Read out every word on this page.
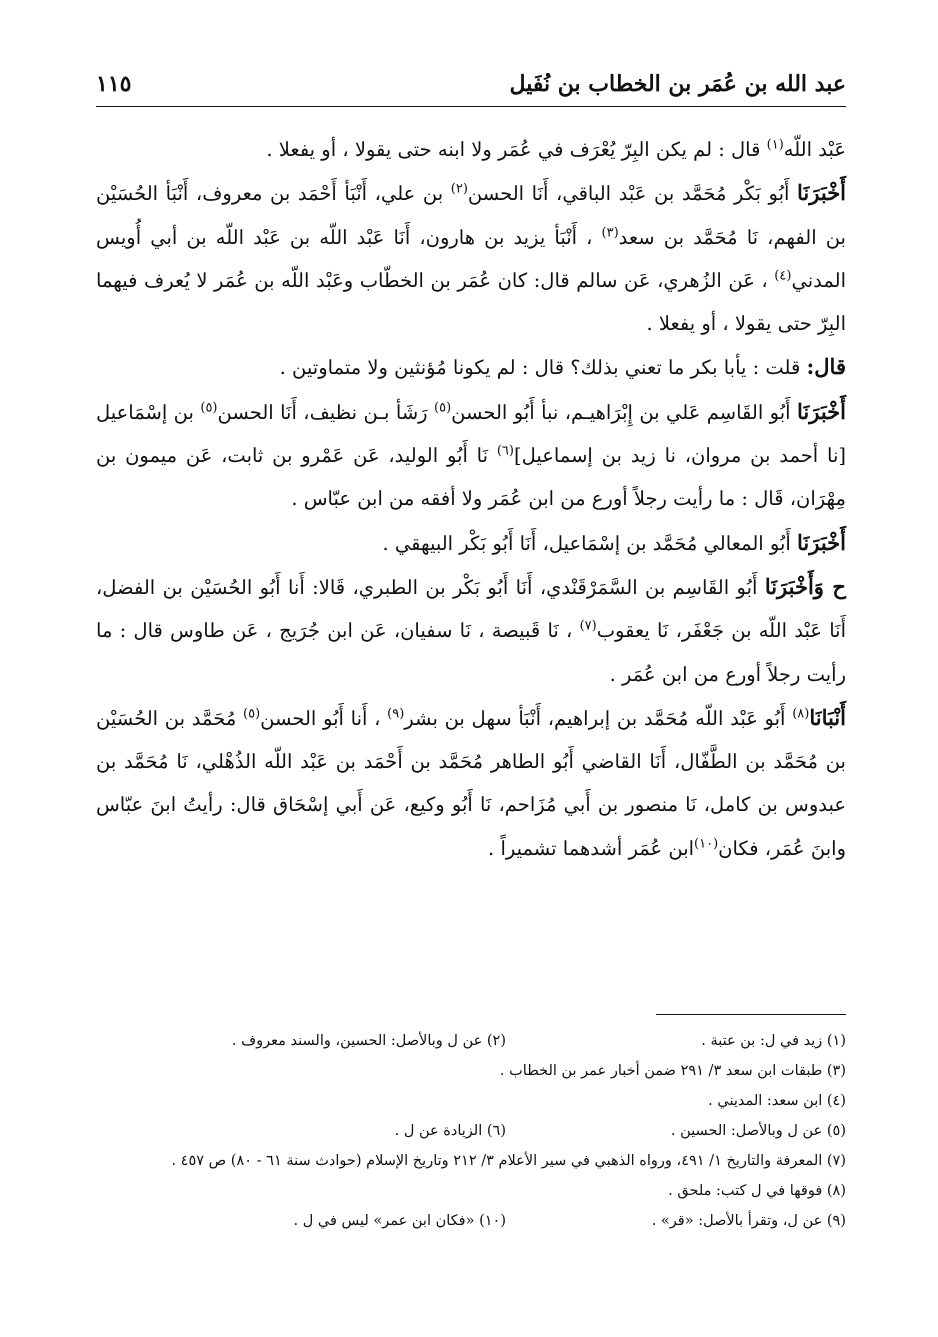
عبد الله بن عُمَر بن الخطاب بن نُفَيل
١١٥

عَبْد اللّه$^{(١)}$ قال : لم يكن البِرّ يُعْرَف في عُمَر ولا ابنه حتى يقولا ، أو يفعلا .

أَخْبَرَنَا أَبُو بَكْر مُحَمَّد بن عَبْد الباقي، أَنَا الحسن$^{(٢)}$ بن علي، أَنْبَأ أَحْمَد بن معروف، أَنْبَأ الحُسَيْن بن الفهم، نَا مُحَمَّد بن سعد$^{(٣)}$ ، أَنْبَأ يزيد بن هارون، أَنَا عَبْد اللّه بن عَبْد اللّه بن أبي أُويس المدني$^{(٤)}$ ، عَن الزُهري، عَن سالم قال: كان عُمَر بن الخطّاب وعَبْد اللّه بن عُمَر لا يُعرف فيهما البِرّ حتى يقولا ، أو يفعلا .

قال: قلت : يأبا بكر ما تعني بذلك؟ قال : لم يكونا مُؤنثين ولا متماوتين .

أَخْبَرَنَا أَبُو القَاسِم عَلي بن إِبْرَاهيـم، نبأ أَبُو الحسن$^{(٥)}$ رَشَأ بـن نظيف، أَنَا الحسن$^{(٥)}$ بن إسْمَاعيل [نا أحمد بن مروان، نا زيد بن إسماعيل]$^{(٦)}$ نَا أَبُو الوليد، عَن عَمْرو بن ثابت، عَن ميمون بن مِهْرَان، قَال : ما رأيت رجلاً أورع من ابن عُمَر ولا أفقه من ابن عبّاس .

أَخْبَرَنَا أَبُو المعالي مُحَمَّد بن إسْمَاعيل، أَنَا أَبُو بَكْر البيهقي .

ح وَأَخْبَرَنَا أَبُو القَاسِم بن السَّمَرْقَنْدي، أَنَا أَبُو بَكْر بن الطبري، قَالا: أَنا أَبُو الحُسَيْن بن الفضل، أَنَا عَبْد اللّه بن جَعْفَر، نَا يعقوب$^{(٧)}$ ، نَا قَبيصة ، نَا سفيان، عَن ابن جُرَيج ، عَن طاوس قال : ما رأيت رجلاً أورع من ابن عُمَر .

أَنْبَانَا$^{(٨)}$ أَبُو عَبْد اللّه مُحَمَّد بن إبراهيم، أَنْبَأ سهل بن بشر$^{(٩)}$ ، أَنا أَبُو الحسن$^{(٥)}$ مُحَمَّد بن الحُسَيْن بن مُحَمَّد بن الطَّفّال، أَنَا القاضي أَبُو الطاهر مُحَمَّد بن أَحْمَد بن عَبْد اللّه الذُهْلي، نَا مُحَمَّد بن عبدوس بن كامل، نَا منصور بن أَبي مُزَاحم، نَا أَبُو وكيع، عَن أَبي إسْحَاق قال: رأيتُ ابنَ عبّاس وابنَ عُمَر، فكان$^{(١٠)}$ابن عُمَر أشدهما تشميراً .

(١) زيد في ل: بن عتبة .
(٢) عن ل وبالأصل: الحسين، والسند معروف .
(٣) طبقات ابن سعد ٣/ ٢٩١ ضمن أخبار عمر بن الخطاب .
(٤) ابن سعد: المديني .
(٥) عن ل وبالأصل: الحسين .
(٦) الزيادة عن ل .
(٧) المعرفة والتاريخ ١/ ٤٩١، ورواه الذهبي في سير الأعلام ٣/ ٢١٢ وتاريخ الإسلام (حوادث سنة ٦١ - ٨٠) ص ٤٥٧ .
(٨) فوقها في ل كتب: ملحق .
(٩) عن ل، وتقرأ بالأصل: «قر» .
(١٠) «فكان ابن عمر» ليس في ل .
